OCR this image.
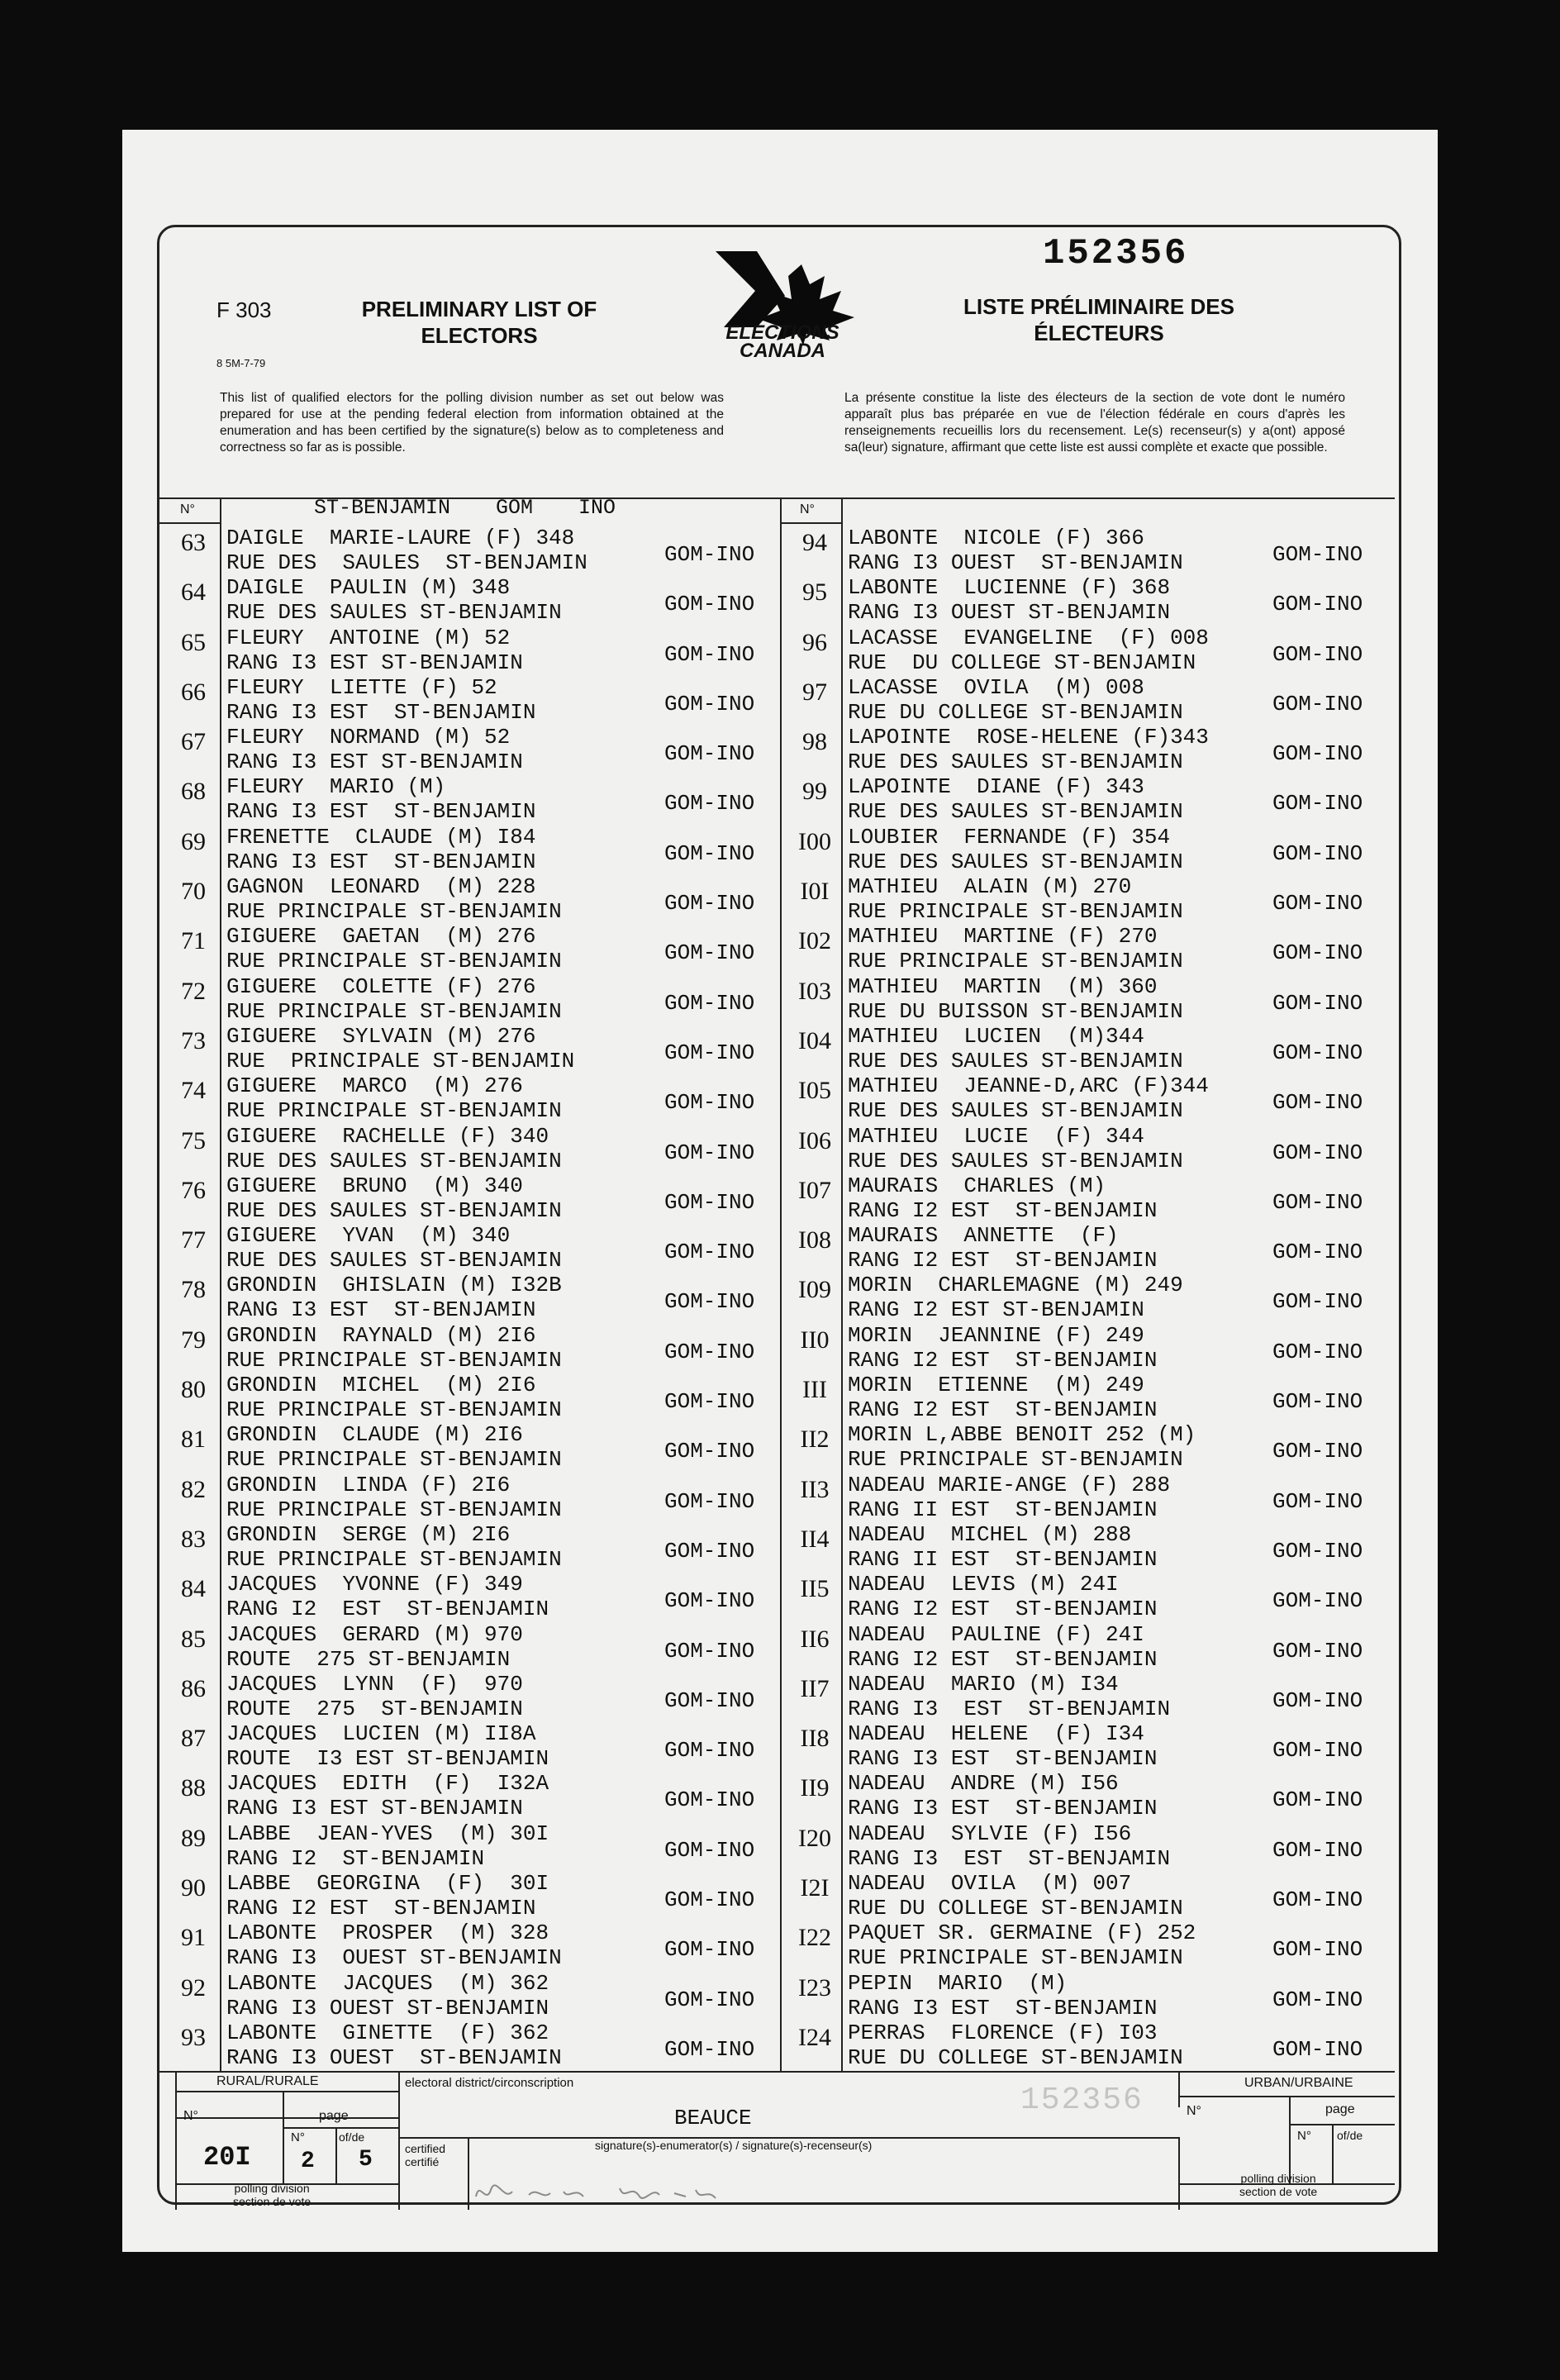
152356
F 303
8 5M-7-79
PRELIMINARY LIST OF ELECTORS
LISTE PRÉLIMINAIRE DES ÉLECTEURS
ELECTIONS
CANADA
This list of qualified electors for the polling division number as set out below was prepared for use at the pending federal election from information obtained at the enumeration and has been certified by the signature(s) below as to completeness and correctness so far as is possible.
La présente constitue la liste des électeurs de la section de vote dont le numéro apparaît plus bas préparée en vue de l'élection fédérale en cours d'après les renseignements recueillis lors du recensement. Le(s) recenseur(s) y a(ont) apposé sa(leur) signature, affirmant que cette liste est aussi complète et exacte que possible.
N°	N°
ST-BENJAMIN GOM INO
63 DAIGLE  MARIE-LAURE (F) 348
RUE DES  SAULES  ST-BENJAMIN	GOM-INO
64 DAIGLE  PAULIN (M) 348
RUE DES SAULES ST-BENJAMIN	GOM-INO
65 FLEURY  ANTOINE (M) 52
RANG I3 EST ST-BENJAMIN	GOM-INO
66 FLEURY  LIETTE (F) 52
RANG I3 EST  ST-BENJAMIN	GOM-INO
67 FLEURY  NORMAND (M) 52
RANG I3 EST ST-BENJAMIN	GOM-INO
68 FLEURY  MARIO (M)
RANG I3 EST  ST-BENJAMIN	GOM-INO
69 FRENETTE  CLAUDE (M) I84
RANG I3 EST  ST-BENJAMIN	GOM-INO
70 GAGNON  LEONARD  (M) 228
RUE PRINCIPALE ST-BENJAMIN	GOM-INO
71 GIGUERE  GAETAN  (M) 276
RUE PRINCIPALE ST-BENJAMIN	GOM-INO
72 GIGUERE  COLETTE (F) 276
RUE PRINCIPALE ST-BENJAMIN	GOM-INO
73 GIGUERE  SYLVAIN (M) 276
RUE  PRINCIPALE ST-BENJAMIN	GOM-INO
74 GIGUERE  MARCO  (M) 276
RUE PRINCIPALE ST-BENJAMIN	GOM-INO
75 GIGUERE  RACHELLE (F) 340
RUE DES SAULES ST-BENJAMIN	GOM-INO
76 GIGUERE  BRUNO  (M) 340
RUE DES SAULES ST-BENJAMIN	GOM-INO
77 GIGUERE  YVAN  (M) 340
RUE DES SAULES ST-BENJAMIN	GOM-INO
78 GRONDIN  GHISLAIN (M) I32B
RANG I3 EST  ST-BENJAMIN	GOM-INO
79 GRONDIN  RAYNALD (M) 2I6
RUE PRINCIPALE ST-BENJAMIN	GOM-INO
80 GRONDIN  MICHEL  (M) 2I6
RUE PRINCIPALE ST-BENJAMIN	GOM-INO
81 GRONDIN  CLAUDE (M) 2I6
RUE PRINCIPALE ST-BENJAMIN	GOM-INO
82 GRONDIN  LINDA (F) 2I6
RUE PRINCIPALE ST-BENJAMIN	GOM-INO
83 GRONDIN  SERGE (M) 2I6
RUE PRINCIPALE ST-BENJAMIN	GOM-INO
84 JACQUES  YVONNE (F) 349
RANG I2  EST  ST-BENJAMIN	GOM-INO
85 JACQUES  GERARD (M) 970
ROUTE  275 ST-BENJAMIN	GOM-INO
86 JACQUES  LYNN  (F)  970
ROUTE  275  ST-BENJAMIN	GOM-INO
87 JACQUES  LUCIEN (M) II8A
ROUTE  I3 EST ST-BENJAMIN	GOM-INO
88 JACQUES  EDITH  (F)  I32A
RANG I3 EST ST-BENJAMIN	GOM-INO
89 LABBE  JEAN-YVES  (M) 30I
RANG I2  ST-BENJAMIN	GOM-INO
90 LABBE  GEORGINA  (F)  30I
RANG I2 EST  ST-BENJAMIN	GOM-INO
91 LABONTE  PROSPER  (M) 328
RANG I3  OUEST ST-BENJAMIN	GOM-INO
92 LABONTE  JACQUES  (M) 362
RANG I3 OUEST ST-BENJAMIN	GOM-INO
93 LABONTE  GINETTE  (F) 362
RANG I3 OUEST  ST-BENJAMIN	GOM-INO
94 LABONTE  NICOLE (F) 366
RANG I3 OUEST  ST-BENJAMIN	GOM-INO
95 LABONTE  LUCIENNE (F) 368
RANG I3 OUEST ST-BENJAMIN	GOM-INO
96 LACASSE  EVANGELINE  (F) 008
RUE  DU COLLEGE ST-BENJAMIN	GOM-INO
97 LACASSE  OVILA  (M) 008
RUE DU COLLEGE ST-BENJAMIN	GOM-INO
98 LAPOINTE  ROSE-HELENE (F)343
RUE DES SAULES ST-BENJAMIN	GOM-INO
99 LAPOINTE  DIANE (F) 343
RUE DES SAULES ST-BENJAMIN	GOM-INO
I00 LOUBIER  FERNANDE (F) 354
RUE DES SAULES ST-BENJAMIN	GOM-INO
I0I MATHIEU  ALAIN (M) 270
RUE PRINCIPALE ST-BENJAMIN	GOM-INO
I02 MATHIEU  MARTINE (F) 270
RUE PRINCIPALE ST-BENJAMIN	GOM-INO
I03 MATHIEU  MARTIN  (M) 360
RUE DU BUISSON ST-BENJAMIN	GOM-INO
I04 MATHIEU  LUCIEN  (M)344
RUE DES SAULES ST-BENJAMIN	GOM-INO
I05 MATHIEU  JEANNE-D,ARC (F)344
RUE DES SAULES ST-BENJAMIN	GOM-INO
I06 MATHIEU  LUCIE  (F) 344
RUE DES SAULES ST-BENJAMIN	GOM-INO
I07 MAURAIS  CHARLES (M)
RANG I2 EST  ST-BENJAMIN	GOM-INO
I08 MAURAIS  ANNETTE  (F)
RANG I2 EST  ST-BENJAMIN	GOM-INO
I09 MORIN  CHARLEMAGNE (M) 249
RANG I2 EST ST-BENJAMIN	GOM-INO
II0 MORIN  JEANNINE (F) 249
RANG I2 EST  ST-BENJAMIN	GOM-INO
III MORIN  ETIENNE  (M) 249
RANG I2 EST  ST-BENJAMIN	GOM-INO
II2 MORIN L,ABBE BENOIT 252 (M)
RUE PRINCIPALE ST-BENJAMIN	GOM-INO
II3 NADEAU MARIE-ANGE (F) 288
RANG II EST  ST-BENJAMIN	GOM-INO
II4 NADEAU  MICHEL (M) 288
RANG II EST  ST-BENJAMIN	GOM-INO
II5 NADEAU  LEVIS (M) 24I
RANG I2 EST  ST-BENJAMIN	GOM-INO
II6 NADEAU  PAULINE (F) 24I
RANG I2 EST  ST-BENJAMIN	GOM-INO
II7 NADEAU  MARIO (M) I34
RANG I3  EST  ST-BENJAMIN	GOM-INO
II8 NADEAU  HELENE  (F) I34
RANG I3 EST  ST-BENJAMIN	GOM-INO
II9 NADEAU  ANDRE (M) I56
RANG I3 EST  ST-BENJAMIN	GOM-INO
I20 NADEAU  SYLVIE (F) I56
RANG I3  EST  ST-BENJAMIN	GOM-INO
I2I NADEAU  OVILA  (M) 007
RUE DU COLLEGE ST-BENJAMIN	GOM-INO
I22 PAQUET SR. GERMAINE (F) 252
RUE PRINCIPALE ST-BENJAMIN	GOM-INO
I23 PEPIN  MARIO  (M)
RANG I3 EST  ST-BENJAMIN	GOM-INO
I24 PERRAS  FLORENCE (F) I03
RUE DU COLLEGE ST-BENJAMIN	GOM-INO
RURAL/RURALE
N°	page
N°	of/de
20I 2 5
polling division
section de vote
electoral district/circonscription
BEAUCE	152356
certified
certifié
signature(s)-enumerator(s) / signature(s)-recenseur(s)
URBAN/URBAINE
N°	page
N° of/de
polling division
section de vote
